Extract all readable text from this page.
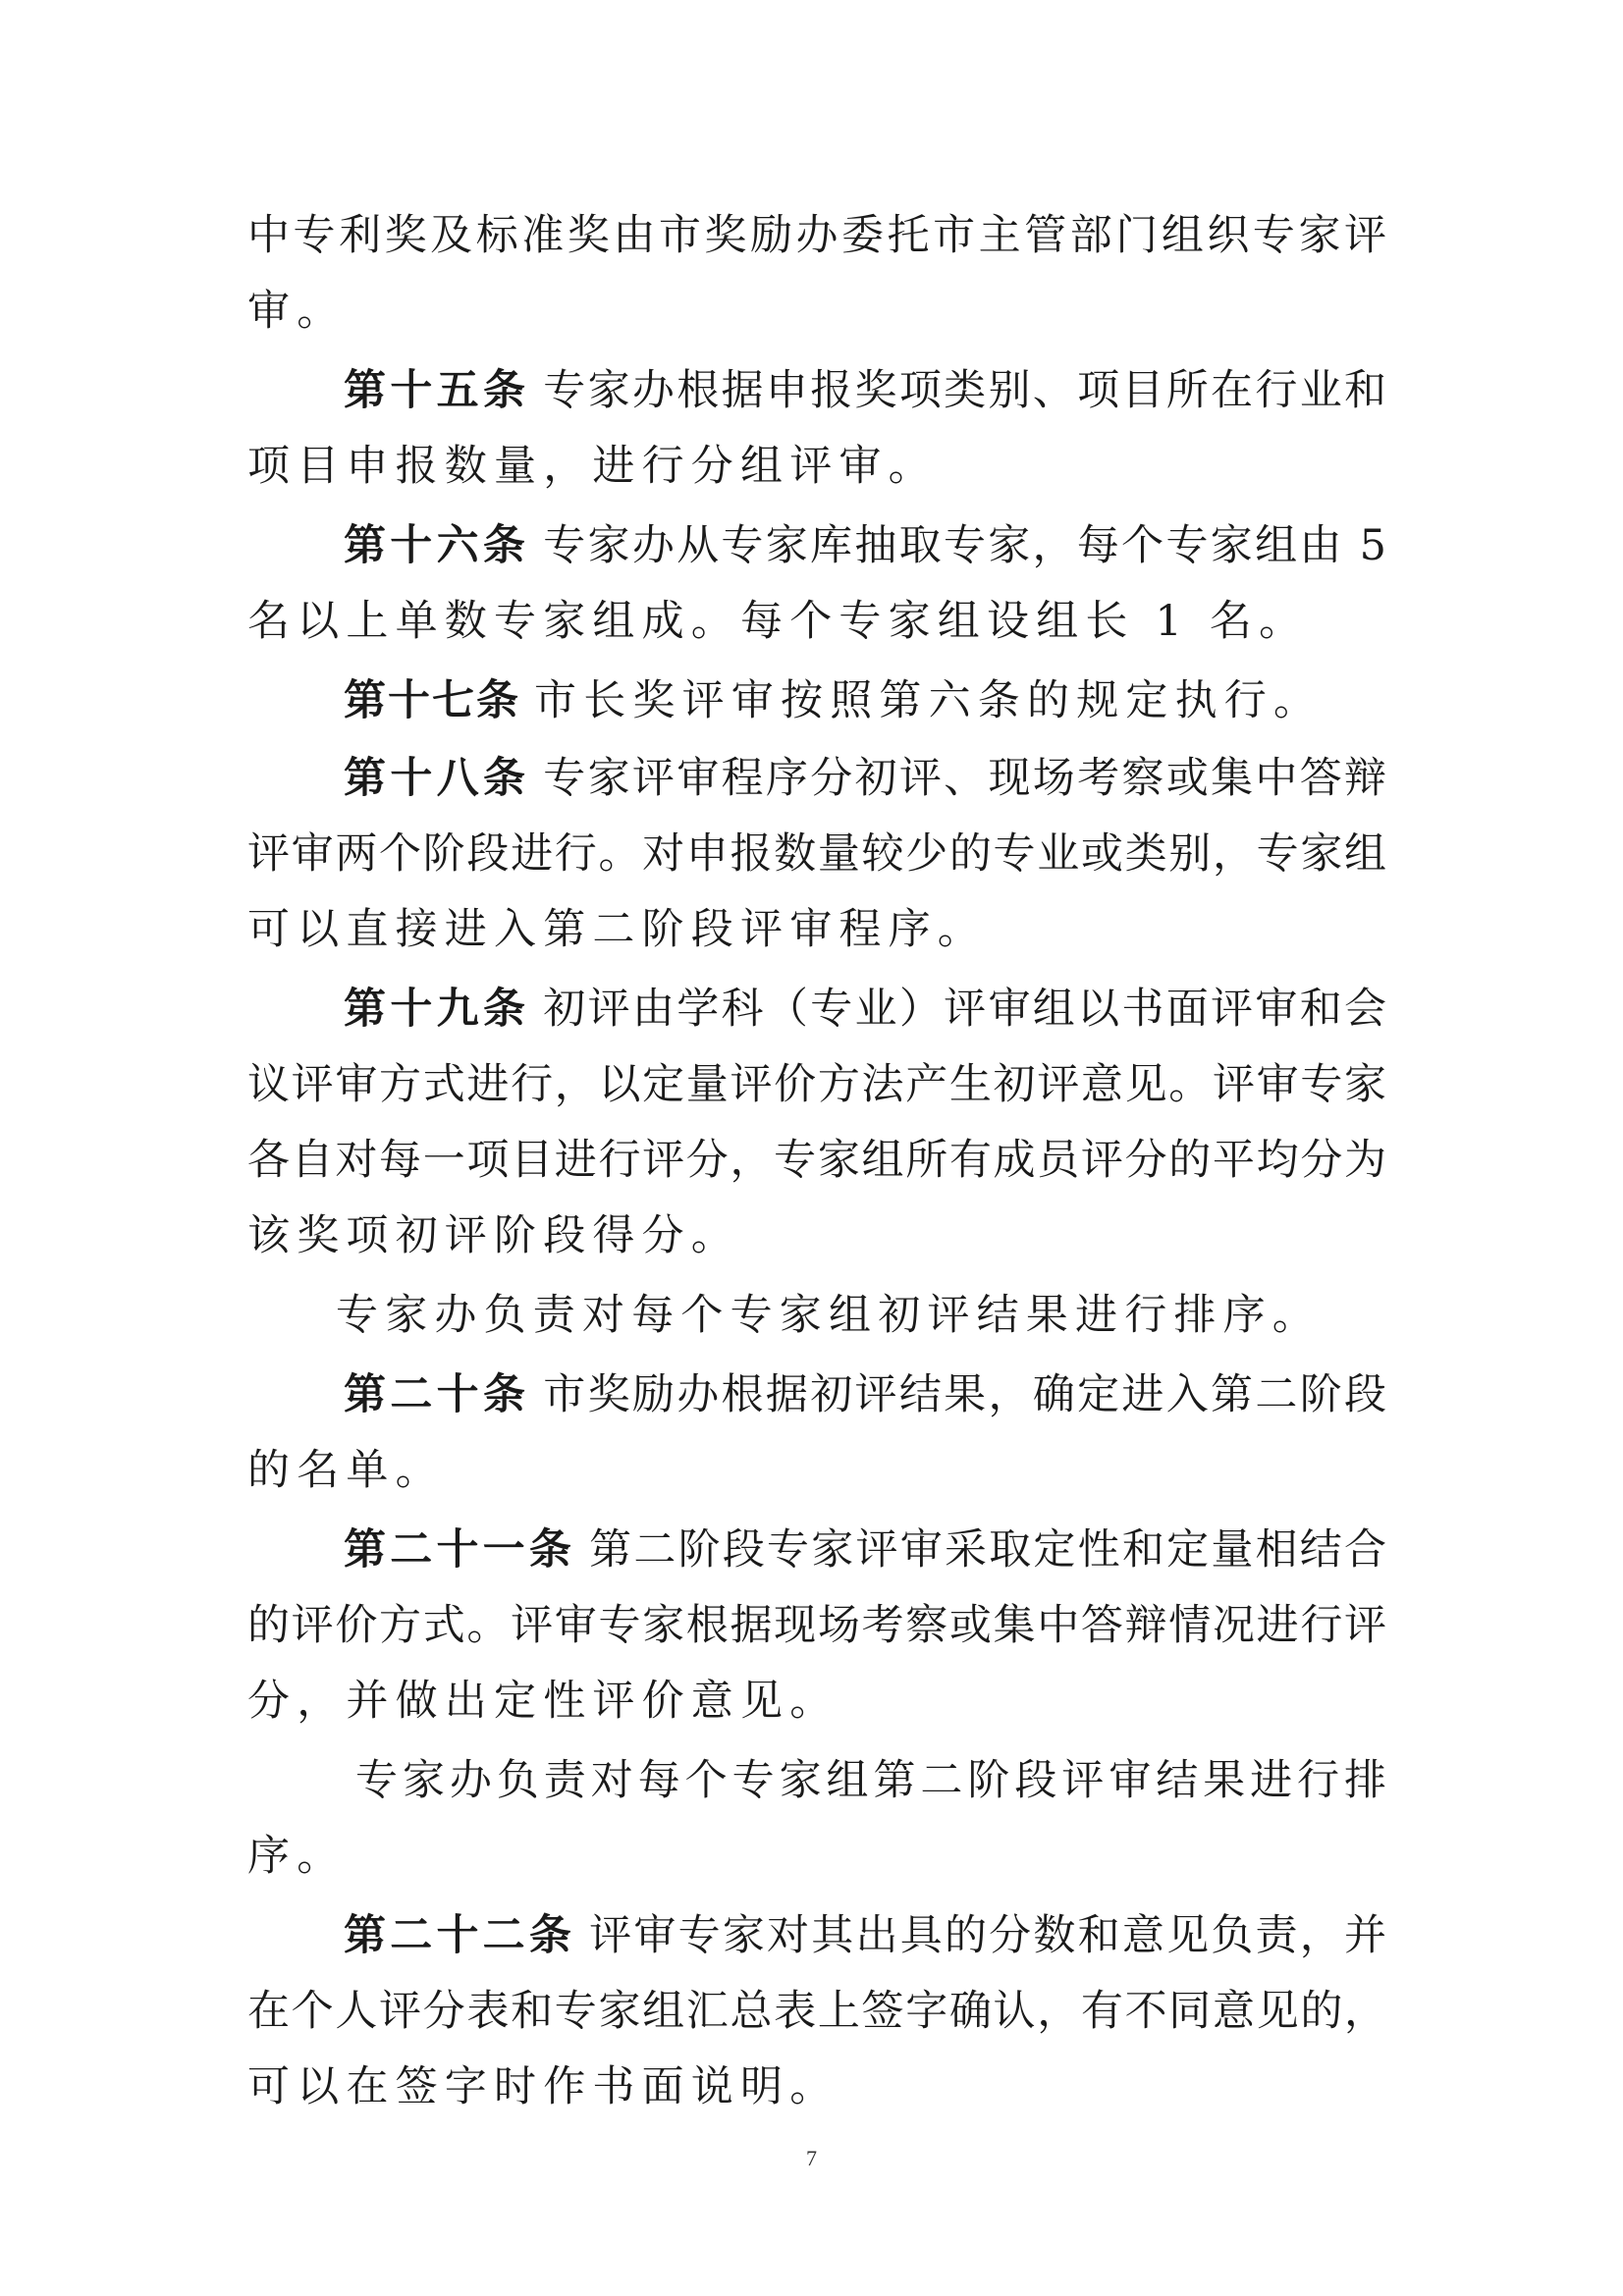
中专利奖及标准奖由市奖励办委托市主管部门组织专家评
审。
第十五条 专家办根据申报奖项类别、项目所在行业和
项目申报数量，进行分组评审。
第十六条 专家办从专家库抽取专家，每个专家组由 5
名以上单数专家组成。每个专家组设组长 1 名。
第十七条 市长奖评审按照第六条的规定执行。
第十八条 专家评审程序分初评、现场考察或集中答辩
评审两个阶段进行。对申报数量较少的专业或类别，专家组
可以直接进入第二阶段评审程序。
第十九条 初评由学科（专业）评审组以书面评审和会
议评审方式进行，以定量评价方法产生初评意见。评审专家
各自对每一项目进行评分，专家组所有成员评分的平均分为
该奖项初评阶段得分。
专家办负责对每个专家组初评结果进行排序。
第二十条 市奖励办根据初评结果，确定进入第二阶段
的名单。
第二十一条 第二阶段专家评审采取定性和定量相结合
的评价方式。评审专家根据现场考察或集中答辩情况进行评
分，并做出定性评价意见。
专家办负责对每个专家组第二阶段评审结果进行排
序。
第二十二条 评审专家对其出具的分数和意见负责，并
在个人评分表和专家组汇总表上签字确认，有不同意见的，
可以在签字时作书面说明。
7
